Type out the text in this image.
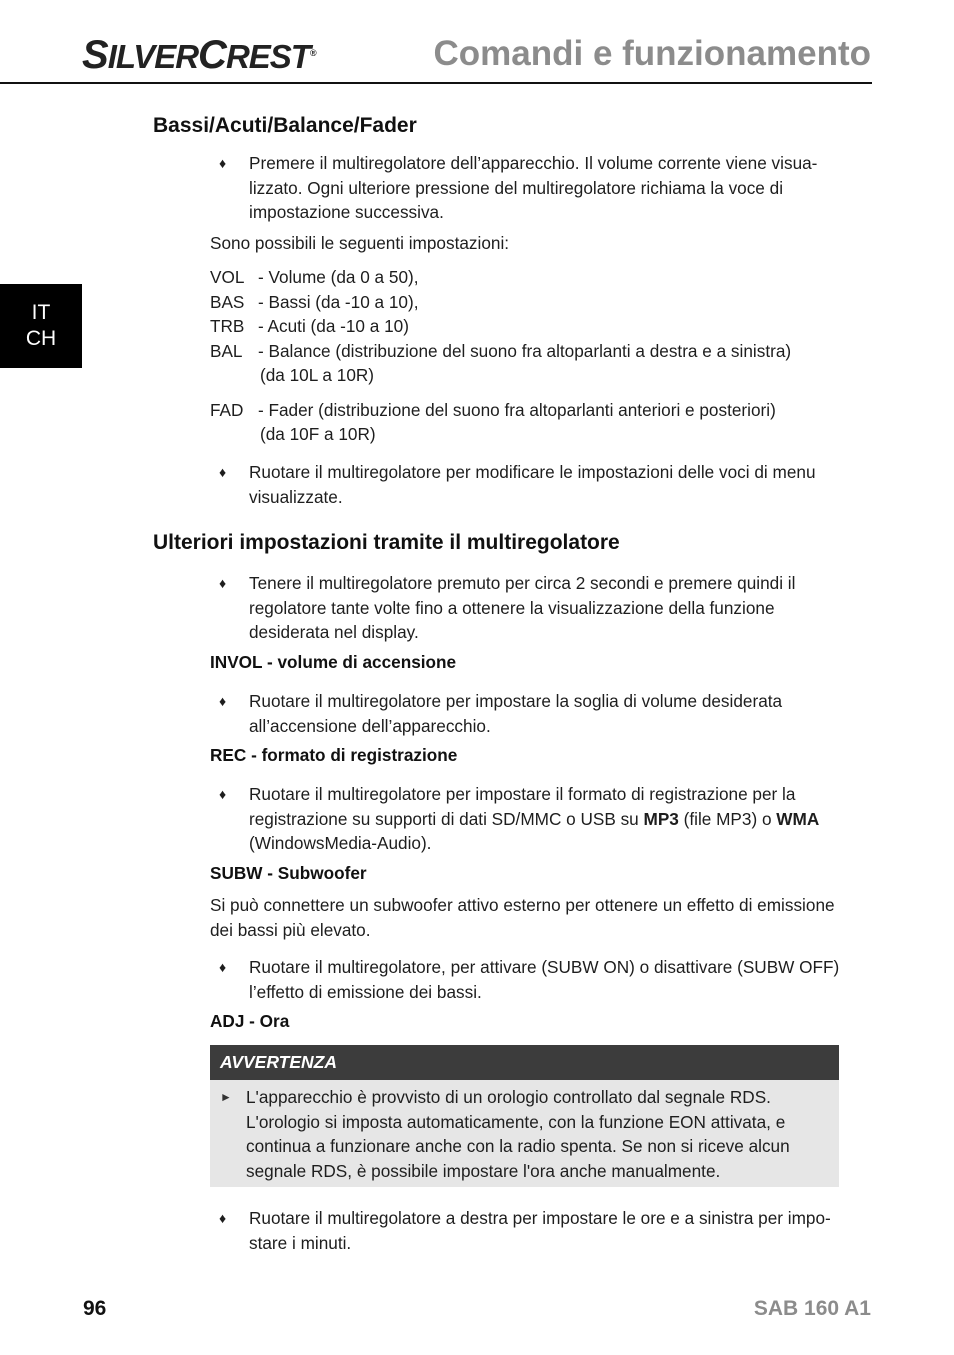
SILVERCREST®	Comandi e funzionamento
IT
CH
Bassi/Acuti/Balance/Fader
♦ Premere il multiregolatore dell’apparecchio. Il volume corrente viene visua- lizzato. Ogni ulteriore pressione del multiregolatore richiama la voce di impostazione successiva.
Sono possibili le seguenti impostazioni:
VOL - Volume (da 0 a 50),
BAS - Bassi (da -10 a 10),
TRB - Acuti (da -10 a 10)
BAL - Balance (distribuzione del suono fra altoparlanti a destra e a sinistra)
(da 10L a 10R)
FAD - Fader (distribuzione del suono fra altoparlanti anteriori e posteriori)
(da 10F a 10R)
♦ Ruotare il multiregolatore per modificare le impostazioni delle voci di menu visualizzate.
Ulteriori impostazioni tramite il multiregolatore
♦ Tenere il multiregolatore premuto per circa 2 secondi e premere quindi il regolatore tante volte fino a ottenere la visualizzazione della funzione desiderata nel display.
INVOL - volume di accensione
♦ Ruotare il multiregolatore per impostare la soglia di volume desiderata all’accensione dell’apparecchio.
REC - formato di registrazione
♦ Ruotare il multiregolatore per impostare il formato di registrazione per la registrazione su supporti di dati SD/MMC o USB su MP3 (file MP3) o WMA (WindowsMedia-Audio).
SUBW - Subwoofer
Si può connettere un subwoofer attivo esterno per ottenere un effetto di emissione dei bassi più elevato.
♦ Ruotare il multiregolatore, per attivare (SUBW ON) o disattivare (SUBW OFF) l’effetto di emissione dei bassi.
ADJ - Ora
AVVERTENZA
► L'apparecchio è provvisto di un orologio controllato dal segnale RDS. L'orologio si imposta automaticamente, con la funzione EON attivata, e continua a funzionare anche con la radio spenta. Se non si riceve alcun segnale RDS, è possibile impostare l'ora anche manualmente.
♦ Ruotare il multiregolatore a destra per impostare le ore e a sinistra per impo- stare i minuti.
96	SAB 160 A1
